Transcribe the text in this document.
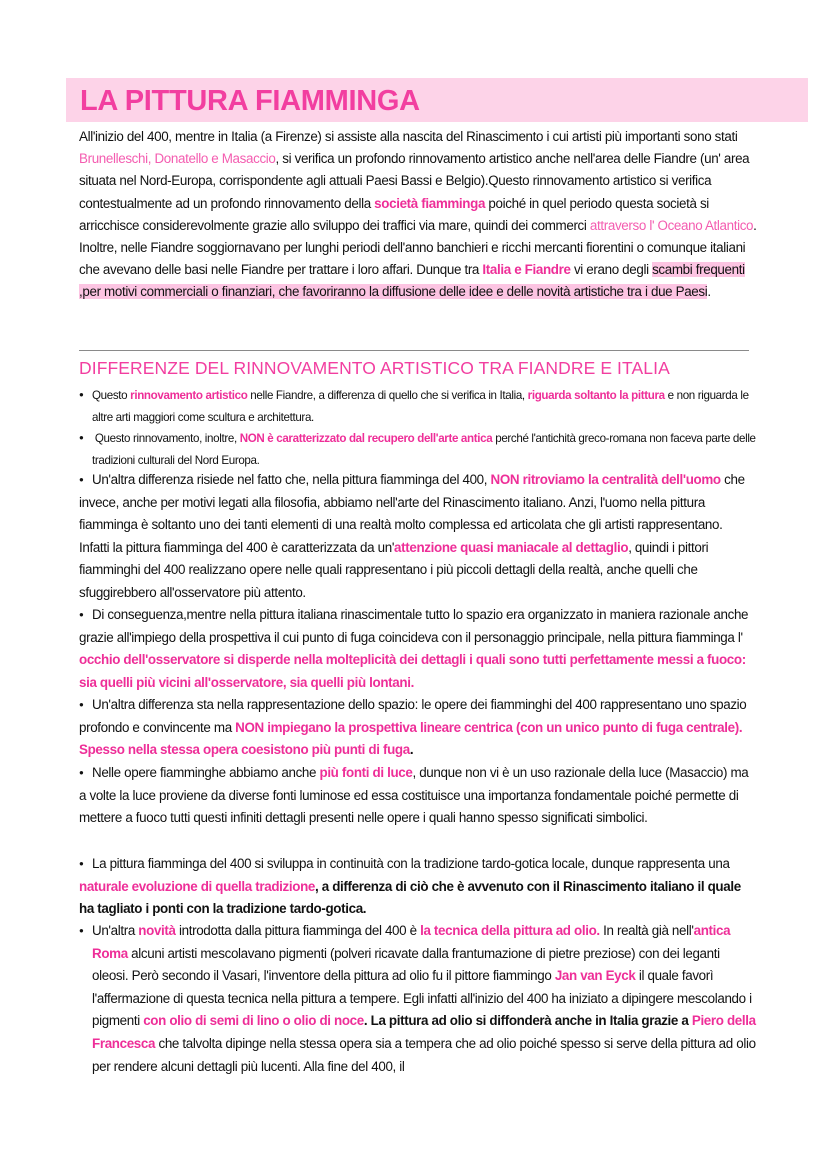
LA PITTURA FIAMMINGA

All'inizio del 400, mentre in Italia (a Firenze) si assiste alla nascita del Rinascimento i cui artisti più importanti sono stati Brunelleschi, Donatello e Masaccio, si verifica un profondo rinnovamento artistico anche nell'area delle Fiandre (un' area situata nel Nord-Europa, corrispondente agli attuali Paesi Bassi e Belgio).Questo rinnovamento artistico si verifica contestualmente ad un profondo rinnovamento della società fiamminga poiché in quel periodo questa società si arricchisce considerevolmente grazie allo sviluppo dei traffici via mare, quindi dei commerci attraverso l' Oceano Atlantico. Inoltre, nelle Fiandre soggiornavano per lunghi periodi dell'anno banchieri e ricchi mercanti fiorentini o comunque italiani che avevano delle basi nelle Fiandre per trattare i loro affari. Dunque tra Italia e Fiandre vi erano degli scambi frequenti ,per motivi commerciali o finanziari, che favoriranno la diffusione delle idee e delle novità artistiche tra i due Paesi.

DIFFERENZE DEL RINNOVAMENTO ARTISTICO TRA FIANDRE E ITALIA

●Questo rinnovamento artistico nelle Fiandre, a differenza di quello che si verifica in Italia, riguarda soltanto la pittura e non riguarda le altre arti maggiori come scultura e architettura.

● Questo rinnovamento, inoltre, NON è caratterizzato dal recupero dell'arte antica perché l'antichità greco-romana non faceva parte delle tradizioni culturali del Nord Europa.

●Un'altra differenza risiede nel fatto che, nella pittura fiamminga del 400, NON ritroviamo la centralità dell'uomo che invece, anche per motivi legati alla filosofia, abbiamo nell'arte del Rinascimento italiano. Anzi, l'uomo nella pittura fiamminga è soltanto uno dei tanti elementi di una realtà molto complessa ed articolata che gli artisti rappresentano. Infatti la pittura fiamminga del 400 è caratterizzata da un'attenzione quasi maniacale al dettaglio, quindi i pittori fiamminghi del 400 realizzano opere nelle quali rappresentano i più piccoli dettagli della realtà, anche quelli che sfuggirebbero all'osservatore più attento.

●Di conseguenza,mentre nella pittura italiana rinascimentale tutto lo spazio era organizzato in maniera razionale anche grazie all'impiego della prospettiva il cui punto di fuga coincideva con il personaggio principale, nella pittura fiamminga l' occhio dell'osservatore si disperde nella molteplicità dei dettagli i quali sono tutti perfettamente messi a fuoco: sia quelli più vicini all'osservatore, sia quelli più lontani.

●Un'altra differenza sta nella rappresentazione dello spazio: le opere dei fiamminghi del 400 rappresentano uno spazio profondo e convincente ma NON impiegano la prospettiva lineare centrica (con un unico punto di fuga centrale). Spesso nella stessa opera coesistono più punti di fuga.

●Nelle opere fiamminghe abbiamo anche più fonti di luce, dunque non vi è un uso razionale della luce (Masaccio) ma a volte la luce proviene da diverse fonti luminose ed essa costituisce una importanza fondamentale poiché permette di mettere a fuoco tutti questi infiniti dettagli presenti nelle opere i quali hanno spesso significati simbolici.

●La pittura fiamminga del 400 si sviluppa in continuità con la tradizione tardo-gotica locale, dunque rappresenta una naturale evoluzione di quella tradizione, a differenza di ciò che è avvenuto con il Rinascimento italiano il quale ha tagliato i ponti con la tradizione tardo-gotica.

●Un'altra novità introdotta dalla pittura fiamminga del 400 è la tecnica della pittura ad olio. In realtà già nell'antica Roma alcuni artisti mescolavano pigmenti (polveri ricavate dalla frantumazione di pietre preziose) con dei leganti oleosi. Però secondo il Vasari, l'inventore della pittura ad olio fu il pittore fiammingo Jan van Eyck il quale favorì l'affermazione di questa tecnica nella pittura a tempere. Egli infatti all'inizio del 400 ha iniziato a dipingere mescolando i pigmenti con olio di semi di lino o olio di noce. La pittura ad olio si diffonderà anche in Italia grazie a Piero della Francesca che talvolta dipinge nella stessa opera sia a tempera che ad olio poiché spesso si serve della pittura ad olio per rendere alcuni dettagli più lucenti. Alla fine del 400, il
